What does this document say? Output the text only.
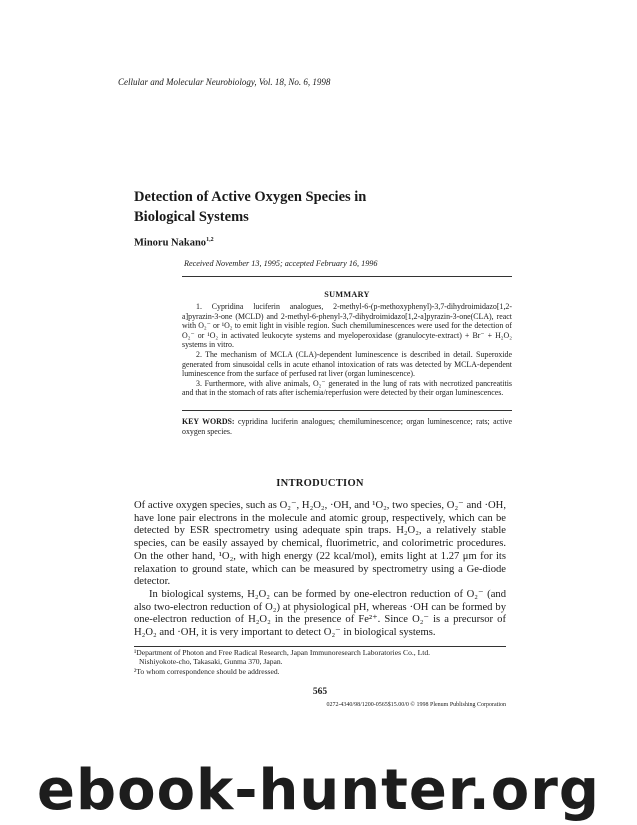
Cellular and Molecular Neurobiology, Vol. 18, No. 6, 1998
Detection of Active Oxygen Species in
Biological Systems
Minoru Nakano$^{1,2}$
Received November 13, 1995; accepted February 16, 1996
SUMMARY

1. Cypridina luciferin analogues, 2-methyl-6-(p-methoxyphenyl)-3,7-dihydroimidazo[1,2-a]pyrazin-3-one (MCLD) and 2-methyl-6-phenyl-3,7-dihydroimidazo[1,2-a]pyrazin-3-one(CLA), react with O₂⁻ or ¹O₂ to emit light in visible region. Such chemiluminescences were used for the detection of O₂⁻ or ¹O₂ in activated leukocyte systems and myeloperoxidase (granulocyte-extract) + Br⁻ + H₂O₂ systems in vitro.

2. The mechanism of MCLA (CLA)-dependent luminescence is described in detail. Superoxide generated from sinusoidal cells in acute ethanol intoxication of rats was detected by MCLA-dependent luminescence from the surface of perfused rat liver (organ luminescence).

3. Furthermore, with alive animals, O₂⁻ generated in the lung of rats with necrotized pancreatitis and that in the stomach of rats after ischemia/reperfusion were detected by their organ luminescences.

KEY WORDS: cypridina luciferin analogues; chemiluminescence; organ luminescence; rats; active oxygen species.
INTRODUCTION

Of active oxygen species, such as O₂⁻, H₂O₂, ·OH, and ¹O₂, two species, O₂⁻ and ·OH, have lone pair electrons in the molecule and atomic group, respectively, which can be detected by ESR spectrometry using adequate spin traps. H₂O₂, a relatively stable species, can be easily assayed by chemical, fluorimetric, and colorimetric procedures. On the other hand, ¹O₂, with high energy (22 kcal/mol), emits light at 1.27 μm for its relaxation to ground state, which can be measured by spectrometry using a Ge-diode detector.

In biological systems, H₂O₂ can be formed by one-electron reduction of O₂⁻ (and also two-electron reduction of O₂) at physiological pH, whereas ·OH can be formed by one-electron reduction of H₂O₂ in the presence of Fe²⁺. Since O₂⁻ is a precursor of H₂O₂ and ·OH, it is very important to detect O₂⁻ in biological systems.

¹Department of Photon and Free Radical Research, Japan Immunoresearch Laboratories Co., Ltd.

Nishiyokote-cho, Takasaki, Gunma 370, Japan.

²To whom correspondence should be addressed.

565
0272-4340/98/1200-0565$15.00/0 © 1998 Plenum Publishing Corporation
ebook-hunter.org
